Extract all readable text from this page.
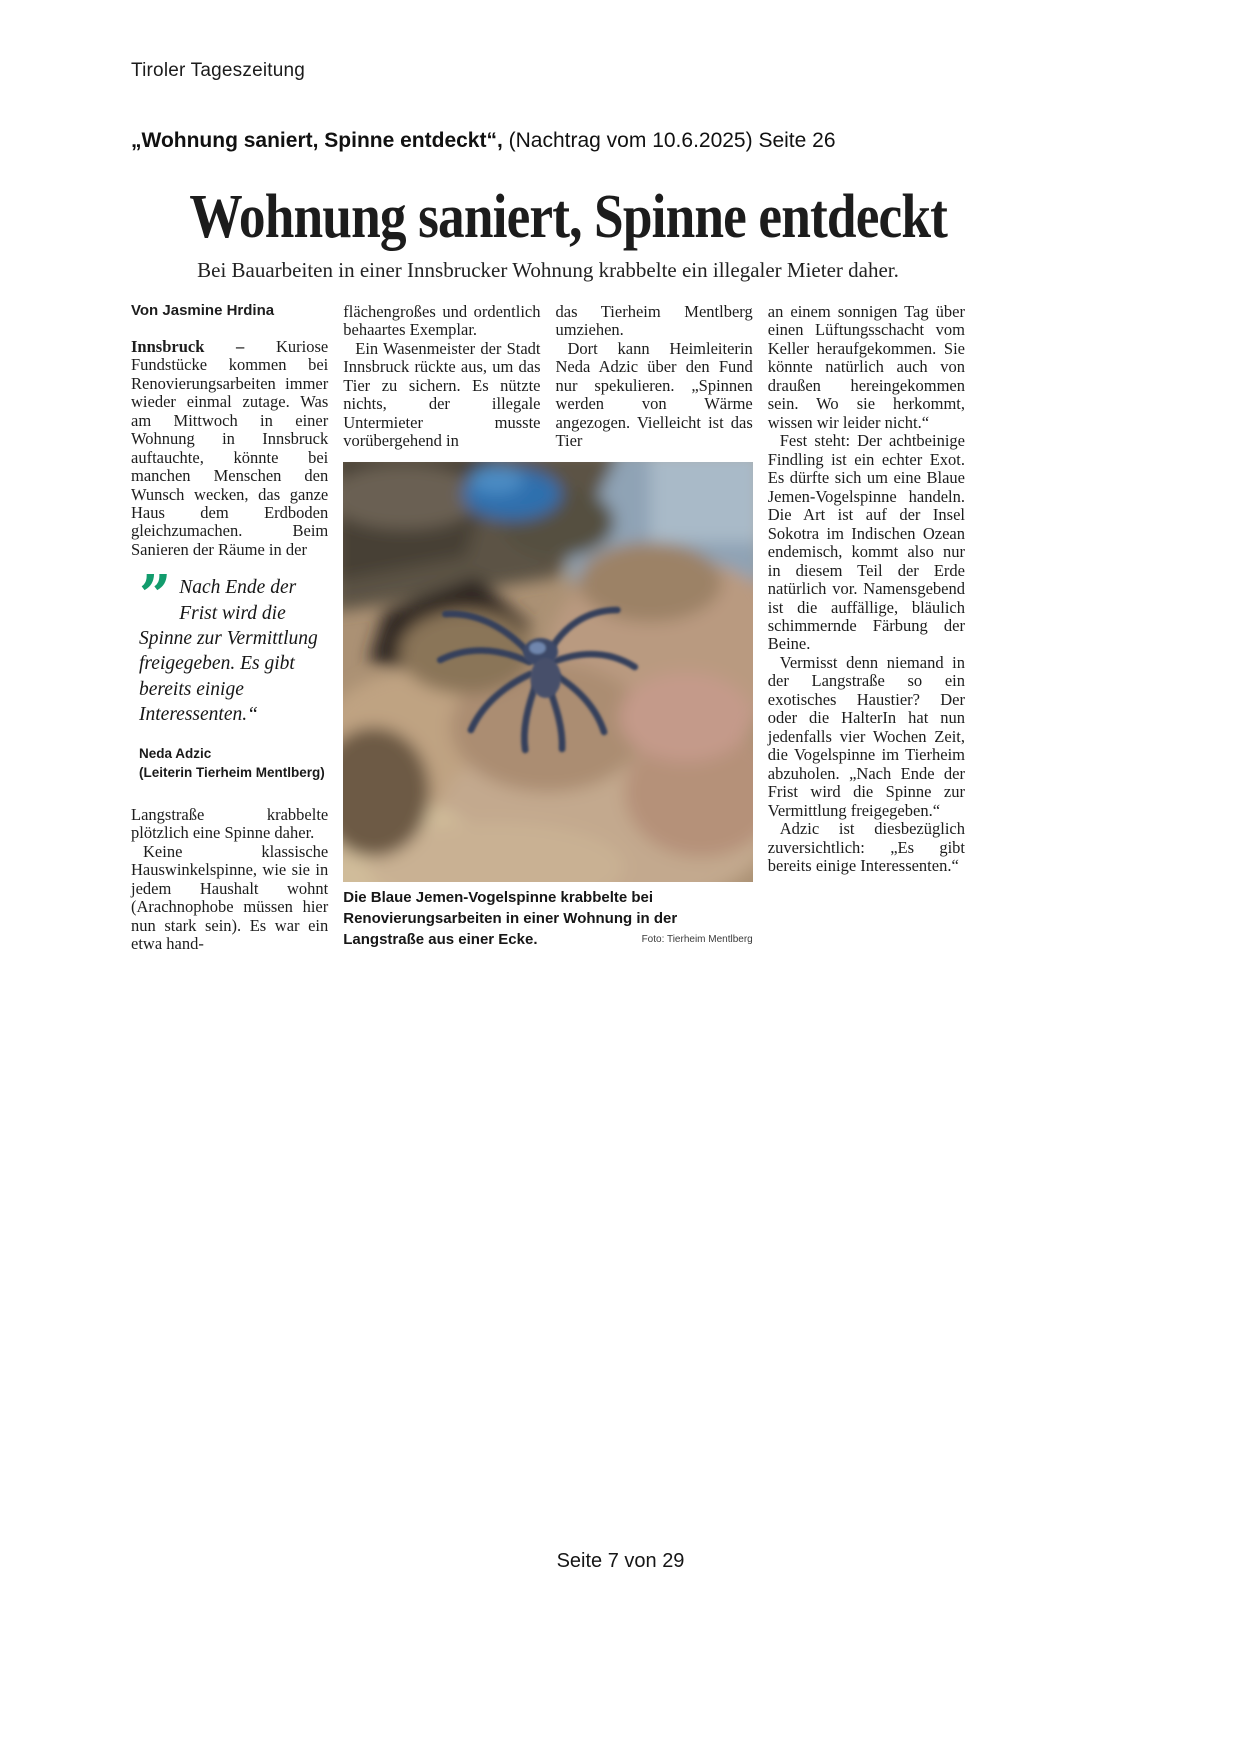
Tiroler Tageszeitung
„Wohnung saniert, Spinne entdeckt“, (Nachtrag vom 10.6.2025) Seite 26
Wohnung saniert, Spinne entdeckt
Bei Bauarbeiten in einer Innsbrucker Wohnung krabbelte ein illegaler Mieter daher.
Von Jasmine Hrdina

Innsbruck – Kuriose Fundstücke kommen bei Renovierungsarbeiten immer wieder einmal zutage. Was am Mittwoch in einer Wohnung in Innsbruck auftauchte, könnte bei manchen Menschen den Wunsch wecken, das ganze Haus dem Erdboden gleichzumachen. Beim Sanieren der Räume in der

” Nach Ende der Frist wird die Spinne zur Vermittlung freigegeben. Es gibt bereits einige Interessenten.“
Neda Adzic
(Leiterin Tierheim Mentlberg)

Langstraße krabbelte plötzlich eine Spinne daher.

Keine klassische Hauswinkelspinne, wie sie in jedem Haushalt wohnt (Arachnophobe müssen hier nun stark sein). Es war ein etwa hand-

flächengroßes und ordentlich behaartes Exemplar.

Ein Wasenmeister der Stadt Innsbruck rückte aus, um das Tier zu sichern. Es nützte nichts, der illegale Untermieter musste vorübergehend in

das Tierheim Mentlberg umziehen.

Dort kann Heimleiterin Neda Adzic über den Fund nur spekulieren. „Spinnen werden von Wärme angezogen. Vielleicht ist das Tier

Die Blaue Jemen-Vogelspinne krabbelte bei Renovierungsarbeiten in einer Wohnung in der Langstraße aus einer Ecke.	Foto: Tierheim Mentlberg

an einem sonnigen Tag über einen Lüftungsschacht vom Keller heraufgekommen. Sie könnte natürlich auch von draußen hereingekommen sein. Wo sie herkommt, wissen wir leider nicht.“

Fest steht: Der achtbeinige Findling ist ein echter Exot. Es dürfte sich um eine Blaue Jemen-Vogelspinne handeln. Die Art ist auf der Insel Sokotra im Indischen Ozean endemisch, kommt also nur in diesem Teil der Erde natürlich vor. Namensgebend ist die auffällige, bläulich schimmernde Färbung der Beine.

Vermisst denn niemand in der Langstraße so ein exotisches Haustier? Der oder die HalterIn hat nun jedenfalls vier Wochen Zeit, die Vogelspinne im Tierheim abzuholen. „Nach Ende der Frist wird die Spinne zur Vermittlung freigegeben.“

Adzic ist diesbezüglich zuversichtlich: „Es gibt bereits einige Interessenten.“

Seite 7 von 29
